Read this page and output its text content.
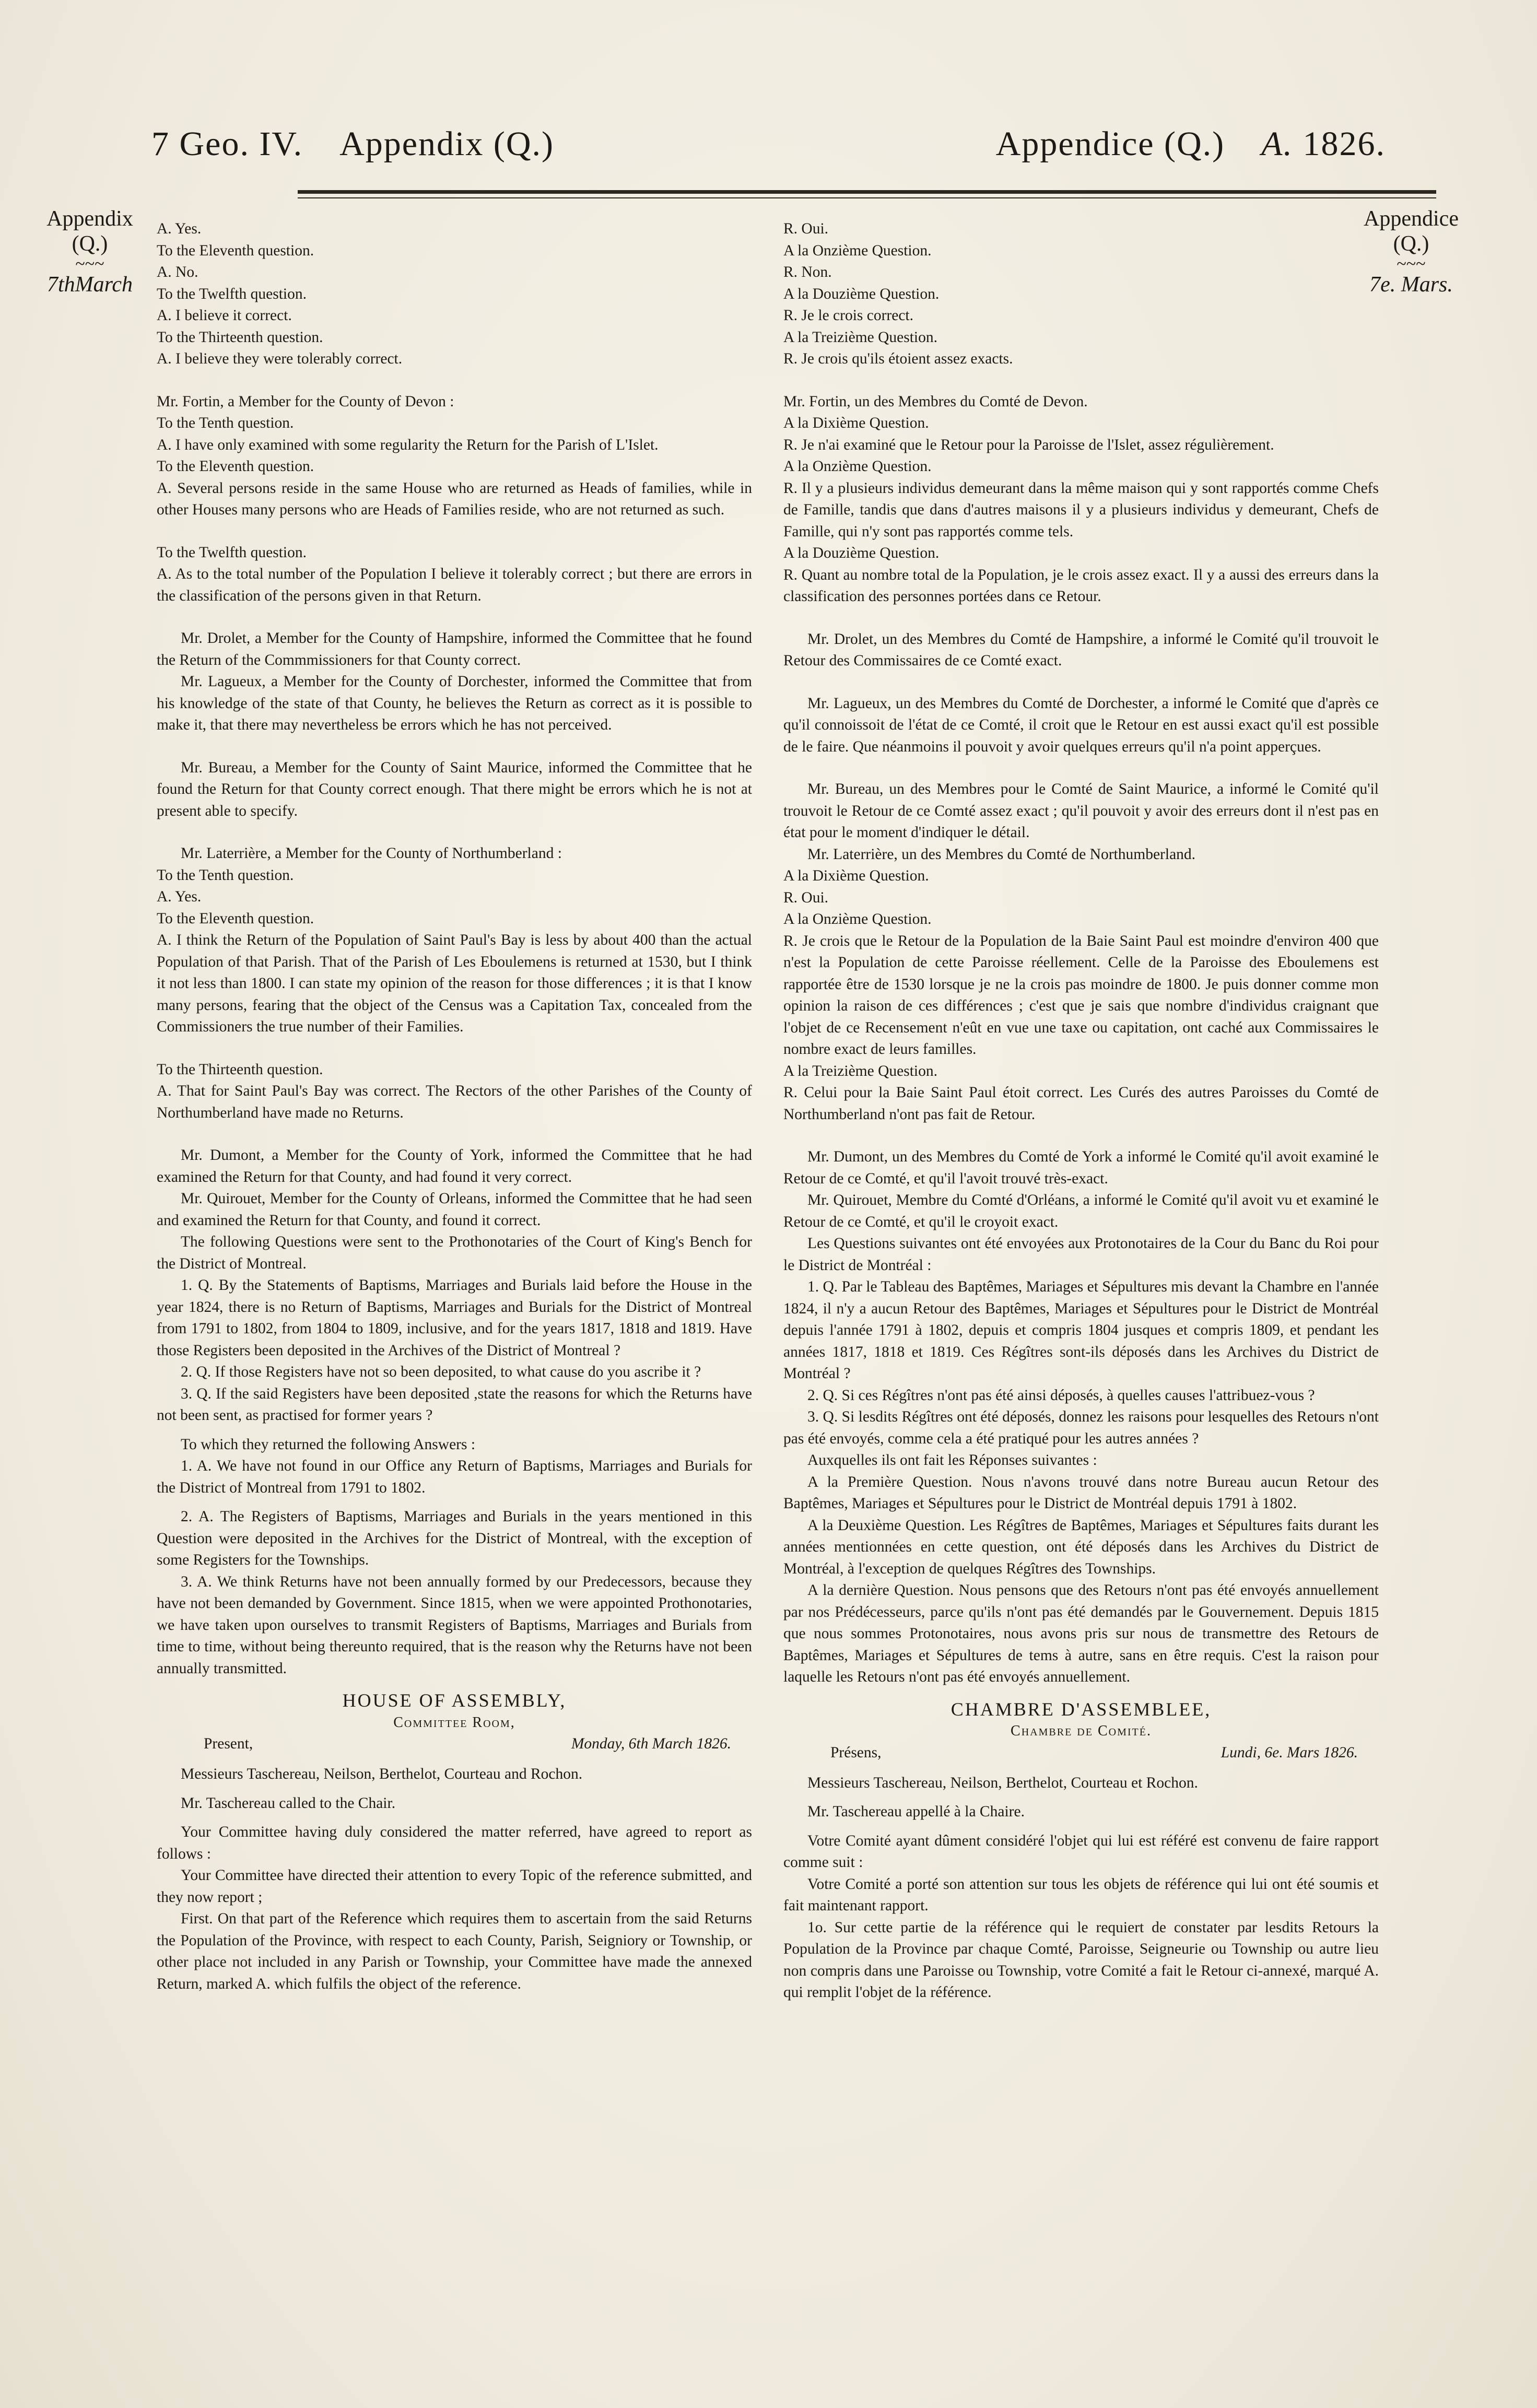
7 Geo. IV. Appendix (Q.)	Appendice (Q.) A. 1826.
Appendix
(Q.)
~~~
7thMarch
Appendice
(Q.)
~~~
7e. Mars.

A. Yes.

To the Eleventh question.

A. No.

To the Twelfth question.

A. I believe it correct.

To the Thirteenth question.

A. I believe they were tolerably correct.

Mr. Fortin, a Member for the County of Devon :

To the Tenth question.

A. I have only examined with some regularity the Return for the Parish of L'Islet.

To the Eleventh question.

A. Several persons reside in the same House who are returned as Heads of families, while in other Houses many persons who are Heads of Families reside, who are not returned as such.

To the Twelfth question.

A. As to the total number of the Population I believe it tolerably correct ; but there are errors in the classification of the persons given in that Return.

Mr. Drolet, a Member for the County of Hampshire, informed the Committee that he found the Return of the Commmissioners for that County correct.

Mr. Lagueux, a Member for the County of Dorchester, informed the Committee that from his knowledge of the state of that County, he believes the Return as correct as it is possible to make it, that there may nevertheless be errors which he has not perceived.

Mr. Bureau, a Member for the County of Saint Maurice, informed the Committee that he found the Return for that County correct enough. That there might be errors which he is not at present able to specify.

Mr. Laterrière, a Member for the County of Northumberland :

To the Tenth question.

A. Yes.

To the Eleventh question.

A. I think the Return of the Population of Saint Paul's Bay is less by about 400 than the actual Population of that Parish. That of the Parish of Les Eboulemens is returned at 1530, but I think it not less than 1800. I can state my opinion of the reason for those differences ; it is that I know many persons, fearing that the object of the Census was a Capitation Tax, concealed from the Commissioners the true number of their Families.

To the Thirteenth question.

A. That for Saint Paul's Bay was correct. The Rectors of the other Parishes of the County of Northumberland have made no Returns.

Mr. Dumont, a Member for the County of York, informed the Committee that he had examined the Return for that County, and had found it very correct.

Mr. Quirouet, Member for the County of Orleans, informed the Committee that he had seen and examined the Return for that County, and found it correct.

The following Questions were sent to the Prothonotaries of the Court of King's Bench for the District of Montreal.

1. Q. By the Statements of Baptisms, Marriages and Burials laid before the House in the year 1824, there is no Return of Baptisms, Marriages and Burials for the District of Montreal from 1791 to 1802, from 1804 to 1809, inclusive, and for the years 1817, 1818 and 1819. Have those Registers been deposited in the Archives of the District of Montreal ?

2. Q. If those Registers have not so been deposited, to what cause do you ascribe it ?

3. Q. If the said Registers have been deposited ,state the reasons for which the Returns have not been sent, as practised for former years ?

To which they returned the following Answers :

1. A. We have not found in our Office any Return of Baptisms, Marriages and Burials for the District of Montreal from 1791 to 1802.

2. A. The Registers of Baptisms, Marriages and Burials in the years mentioned in this Question were deposited in the Archives for the District of Montreal, with the exception of some Registers for the Townships.

3. A. We think Returns have not been annually formed by our Predecessors, because they have not been demanded by Government. Since 1815, when we were appointed Prothonotaries, we have taken upon ourselves to transmit Registers of Baptisms, Marriages and Burials from time to time, without being thereunto required, that is the reason why the Returns have not been annually transmitted.

HOUSE OF ASSEMBLY,
Committee Room,
Present,	Monday, 6th March 1826.

Messieurs Taschereau, Neilson, Berthelot, Courteau and Rochon.

Mr. Taschereau called to the Chair.

Your Committee having duly considered the matter referred, have agreed to report as follows :

Your Committee have directed their attention to every Topic of the reference submitted, and they now report ;

First. On that part of the Reference which requires them to ascertain from the said Returns the Population of the Province, with respect to each County, Parish, Seigniory or Township, or other place not included in any Parish or Township, your Committee have made the annexed Return, marked A. which fulfils the object of the reference.

R. Oui.

A la Onzième Question.

R. Non.

A la Douzième Question.

R. Je le crois correct.

A la Treizième Question.

R. Je crois qu'ils étoient assez exacts.

Mr. Fortin, un des Membres du Comté de Devon.

A la Dixième Question.

R. Je n'ai examiné que le Retour pour la Paroisse de l'Islet, assez régulièrement.

A la Onzième Question.

R. Il y a plusieurs individus demeurant dans la même maison qui y sont rapportés comme Chefs de Famille, tandis que dans d'autres maisons il y a plusieurs individus y demeurant, Chefs de Famille, qui n'y sont pas rapportés comme tels.

A la Douzième Question.

R. Quant au nombre total de la Population, je le crois assez exact. Il y a aussi des erreurs dans la classification des personnes portées dans ce Retour.

Mr. Drolet, un des Membres du Comté de Hampshire, a informé le Comité qu'il trouvoit le Retour des Commissaires de ce Comté exact.

Mr. Lagueux, un des Membres du Comté de Dorchester, a informé le Comité que d'après ce qu'il connoissoit de l'état de ce Comté, il croit que le Retour en est aussi exact qu'il est possible de le faire. Que néanmoins il pouvoit y avoir quelques erreurs qu'il n'a point apperçues.

Mr. Bureau, un des Membres pour le Comté de Saint Maurice, a informé le Comité qu'il trouvoit le Retour de ce Comté assez exact ; qu'il pouvoit y avoir des erreurs dont il n'est pas en état pour le moment d'indiquer le détail.

Mr. Laterrière, un des Membres du Comté de Northumberland.

A la Dixième Question.

R. Oui.

A la Onzième Question.

R. Je crois que le Retour de la Population de la Baie Saint Paul est moindre d'environ 400 que n'est la Population de cette Paroisse réellement. Celle de la Paroisse des Eboulemens est rapportée être de 1530 lorsque je ne la crois pas moindre de 1800. Je puis donner comme mon opinion la raison de ces différences ; c'est que je sais que nombre d'individus craignant que l'objet de ce Recensement n'eût en vue une taxe ou capitation, ont caché aux Commissaires le nombre exact de leurs familles.

A la Treizième Question.

R. Celui pour la Baie Saint Paul étoit correct. Les Curés des autres Paroisses du Comté de Northumberland n'ont pas fait de Retour.

Mr. Dumont, un des Membres du Comté de York a informé le Comité qu'il avoit examiné le Retour de ce Comté, et qu'il l'avoit trouvé très-exact.

Mr. Quirouet, Membre du Comté d'Orléans, a informé le Comité qu'il avoit vu et examiné le Retour de ce Comté, et qu'il le croyoit exact.

Les Questions suivantes ont été envoyées aux Protonotaires de la Cour du Banc du Roi pour le District de Montréal :

1. Q. Par le Tableau des Baptêmes, Mariages et Sépultures mis devant la Chambre en l'année 1824, il n'y a aucun Retour des Baptêmes, Mariages et Sépultures pour le District de Montréal depuis l'année 1791 à 1802, depuis et compris 1804 jusques et compris 1809, et pendant les années 1817, 1818 et 1819. Ces Régîtres sont-ils déposés dans les Archives du District de Montréal ?

2. Q. Si ces Régîtres n'ont pas été ainsi déposés, à quelles causes l'attribuez-vous ?

3. Q. Si lesdits Régîtres ont été déposés, donnez les raisons pour lesquelles des Retours n'ont pas été envoyés, comme cela a été pratiqué pour les autres années ?

Auxquelles ils ont fait les Réponses suivantes :

A la Première Question. Nous n'avons trouvé dans notre Bureau aucun Retour des Baptêmes, Mariages et Sépultures pour le District de Montréal depuis 1791 à 1802.

A la Deuxième Question. Les Régîtres de Baptêmes, Mariages et Sépultures faits durant les années mentionnées en cette question, ont été déposés dans les Archives du District de Montréal, à l'exception de quelques Régîtres des Townships.

A la dernière Question. Nous pensons que des Retours n'ont pas été envoyés annuellement par nos Prédécesseurs, parce qu'ils n'ont pas été demandés par le Gouvernement. Depuis 1815 que nous sommes Protonotaires, nous avons pris sur nous de transmettre des Retours de Baptêmes, Mariages et Sépultures de tems à autre, sans en être requis. C'est la raison pour laquelle les Retours n'ont pas été envoyés annuellement.

CHAMBRE D'ASSEMBLEE,
Chambre de Comité.
Présens,	Lundi, 6e. Mars 1826.

Messieurs Taschereau, Neilson, Berthelot, Courteau et Rochon.

Mr. Taschereau appellé à la Chaire.

Votre Comité ayant dûment considéré l'objet qui lui est référé est convenu de faire rapport comme suit :

Votre Comité a porté son attention sur tous les objets de référence qui lui ont été soumis et fait maintenant rapport.

1o. Sur cette partie de la référence qui le requiert de constater par lesdits Retours la Population de la Province par chaque Comté, Paroisse, Seigneurie ou Township ou autre lieu non compris dans une Paroisse ou Township, votre Comité a fait le Retour ci-annexé, marqué A. qui remplit l'objet de la référence.
